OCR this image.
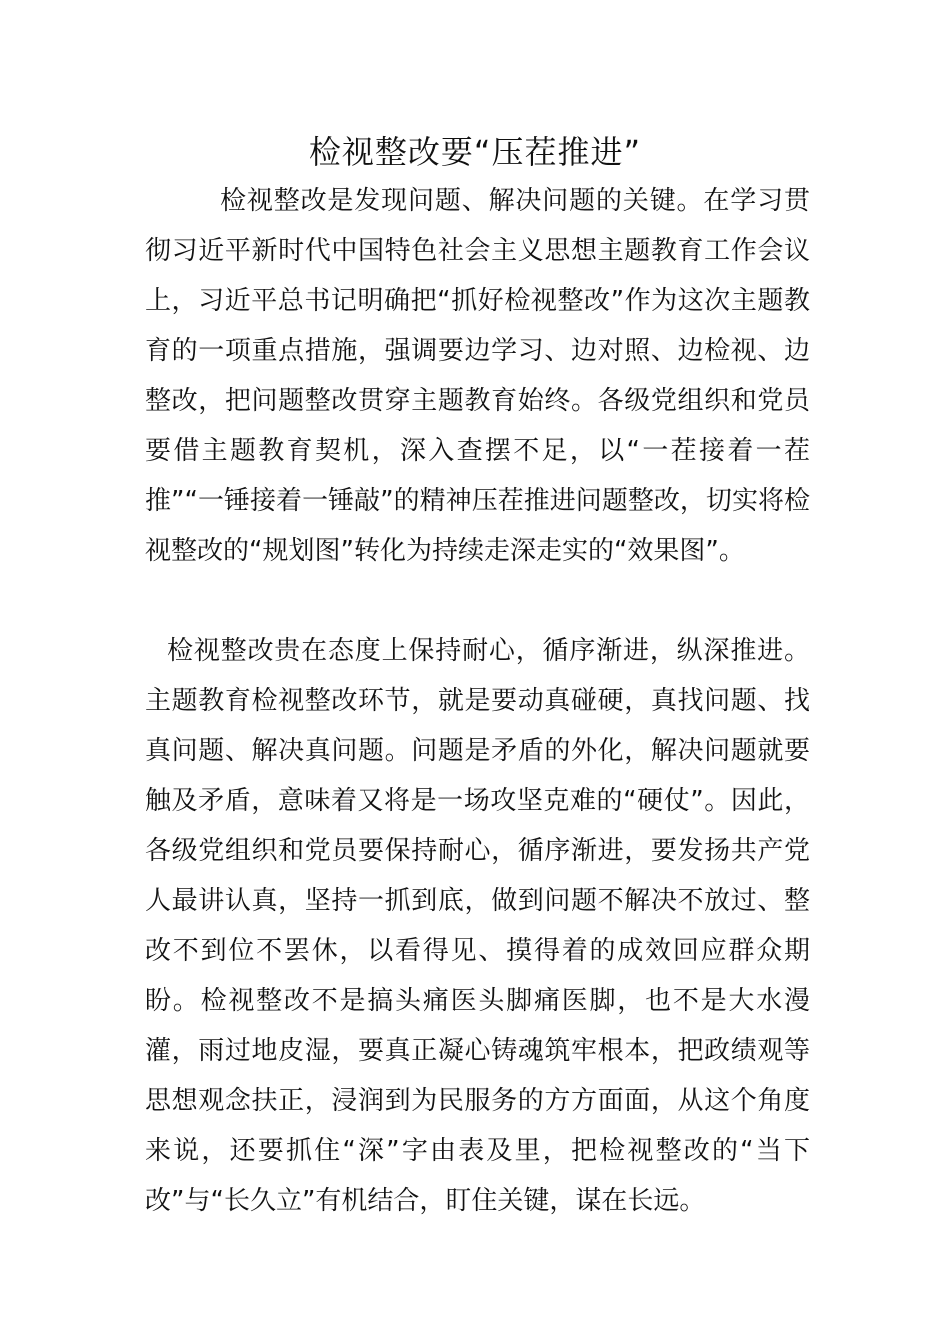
检视整改要“压茬推进”

检视整改是发现问题、解决问题的关键。在学习贯彻习近平新时代中国特色社会主义思想主题教育工作会议上，习近平总书记明确把“抓好检视整改”作为这次主题教育的一项重点措施，强调要边学习、边对照、边检视、边整改，把问题整改贯穿主题教育始终。各级党组织和党员要借主题教育契机，深入查摆不足，以“一茬接着一茬推”“一锤接着一锤敲”的精神压茬推进问题整改，切实将检视整改的“规划图”转化为持续走深走实的“效果图”。

检视整改贵在态度上保持耐心，循序渐进，纵深推进。主题教育检视整改环节，就是要动真碰硬，真找问题、找真问题、解决真问题。问题是矛盾的外化，解决问题就要触及矛盾，意味着又将是一场攻坚克难的“硬仗”。因此，各级党组织和党员要保持耐心，循序渐进，要发扬共产党人最讲认真，坚持一抓到底，做到问题不解决不放过、整改不到位不罢休，以看得见、摸得着的成效回应群众期盼。检视整改不是搞头痛医头脚痛医脚，也不是大水漫灌，雨过地皮湿，要真正凝心铸魂筑牢根本，把政绩观等思想观念扶正，浸润到为民服务的方方面面，从这个角度来说，还要抓住“深”字由表及里，把检视整改的“当下改”与“长久立”有机结合，盯住关键，谋在长远。
